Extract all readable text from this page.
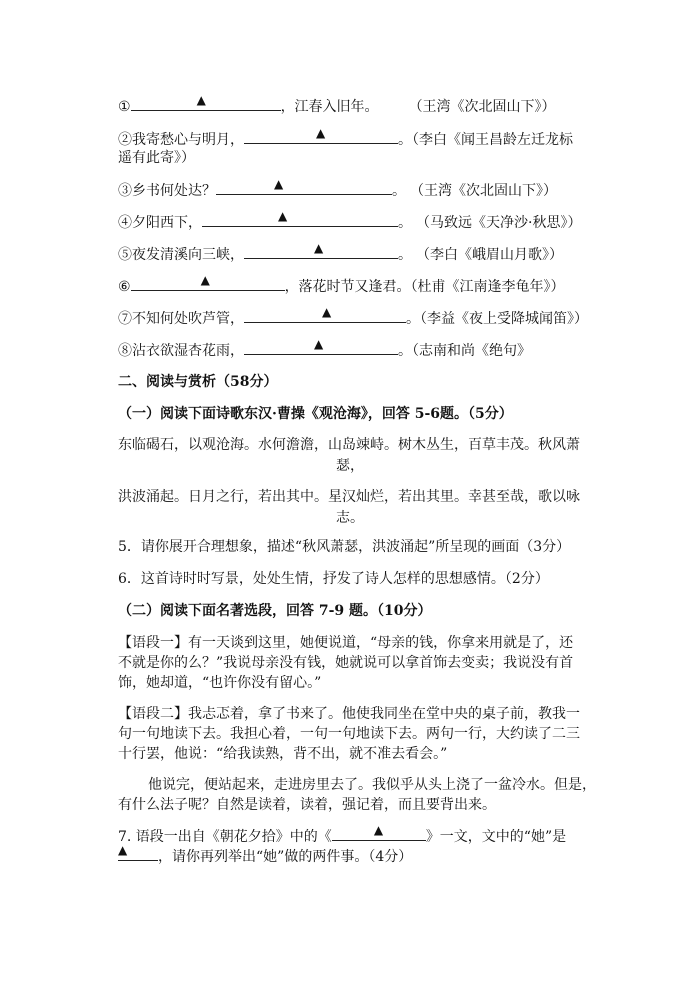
①	▲	，江春入旧年。 （王湾《次北固山下》）
②我寄愁心与明月，	▲	。（李白《闻王昌龄左迁龙标
遥有此寄》）
③乡书何处达？	▲	。 （王湾《次北固山下》）
④夕阳西下，	▲	。 （马致远《天净沙·秋思》）
⑤夜发清溪向三峡，	▲	。 （李白《峨眉山月歌》）
⑥	▲	，落花时节又逢君。（杜甫《江南逢李龟年》）
⑦不知何处吹芦管，	▲	。（李益《夜上受降城闻笛》）
⑧沾衣欲湿杏花雨，	▲	。（志南和尚《绝句》
二、阅读与赏析（58分）
（一）阅读下面诗歌东汉·曹操《观沧海》，回答 5-6题。（5分）
东临碣石，以观沧海。水何澹澹，山岛竦峙。树木丛生，百草丰茂。秋风萧
瑟，
洪波涌起。日月之行，若出其中。星汉灿烂，若出其里。幸甚至哉，歌以咏
志。
5．请你展开合理想象，描述“秋风萧瑟，洪波涌起”所呈现的画面（3分）
6．这首诗时时写景，处处生情，抒发了诗人怎样的思想感情。（2分）
（二）阅读下面名著选段，回答 7-9 题。（10分）
【语段一】有一天谈到这里，她便说道，“母亲的钱，你拿来用就是了，还
不就是你的么？”我说母亲没有钱，她就说可以拿首饰去变卖；我说没有首
饰，她却道，“也许你没有留心。”
【语段二】我忐忑着，拿了书来了。他使我同坐在堂中央的桌子前，教我一
句一句地读下去。我担心着，一句一句地读下去。两句一行，大约读了二三
十行罢，他说：“给我读熟，背不出，就不准去看会。”
他说完，便站起来，走进房里去了。我似乎从头上浇了一盆冷水。但是，
有什么法子呢？自然是读着，读着，强记着，而且要背出来。
7. 语段一出自《朝花夕拾》中的《	▲	》一文，文中的“她”是
▲ ，请你再列举出“她”做的两件事。（4分）
